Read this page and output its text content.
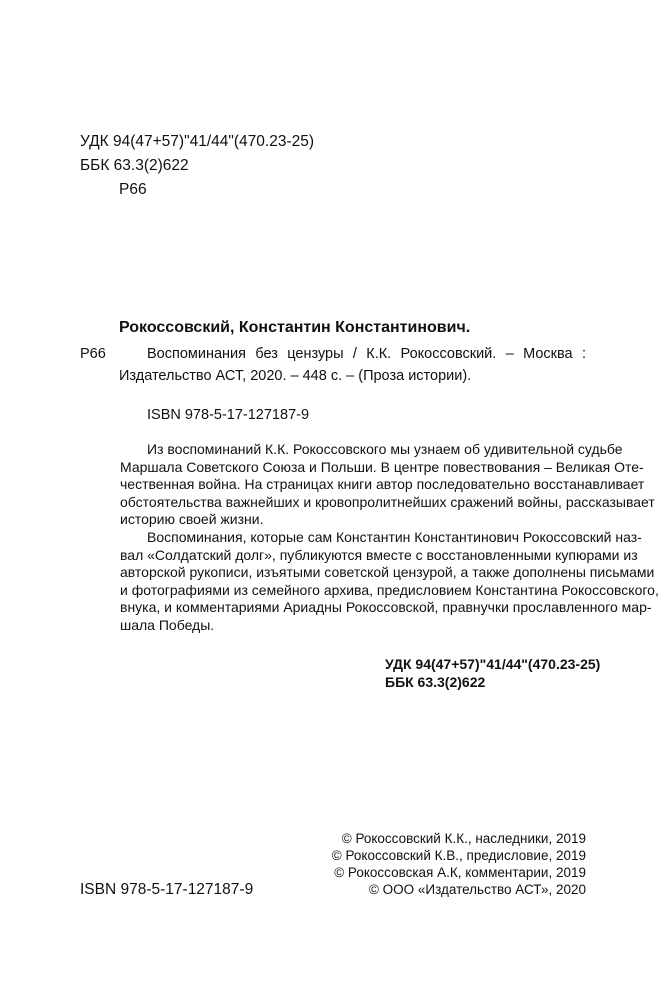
УДК 94(47+57)"41/44"(470.23-25)
ББК 63.3(2)622
Р66
Рокоссовский, Константин Константинович.
Р66	Воспоминания без цензуры / К.К. Рокоссовский. – Москва :
Издательство АСТ, 2020. – 448 с. – (Проза истории).
ISBN 978-5-17-127187-9
Из воспоминаний К.К. Рокоссовского мы узнаем об удивительной судьбе
Маршала Советского Союза и Польши. В центре повествования – Великая Оте-
чественная война. На страницах книги автор последовательно восстанавливает
обстоятельства важнейших и кровопролитнейших сражений войны, рассказывает
историю своей жизни.
Воспоминания, которые сам Константин Константинович Рокоссовский наз-
вал «Солдатский долг», публикуются вместе с восстановленными купюрами из
авторской рукописи, изъятыми советской цензурой, а также дополнены письмами
и фотографиями из семейного архива, предисловием Константина Рокоссовского,
внука, и комментариями Ариадны Рокоссовской, правнучки прославленного мар-
шала Победы.
УДК 94(47+57)"41/44"(470.23-25)
ББК 63.3(2)622
© Рокоссовский К.К., наследники, 2019
© Рокоссовский К.В., предисловие, 2019
© Рокоссовская А.К, комментарии, 2019
© ООО «Издательство АСТ», 2020
ISBN 978-5-17-127187-9
